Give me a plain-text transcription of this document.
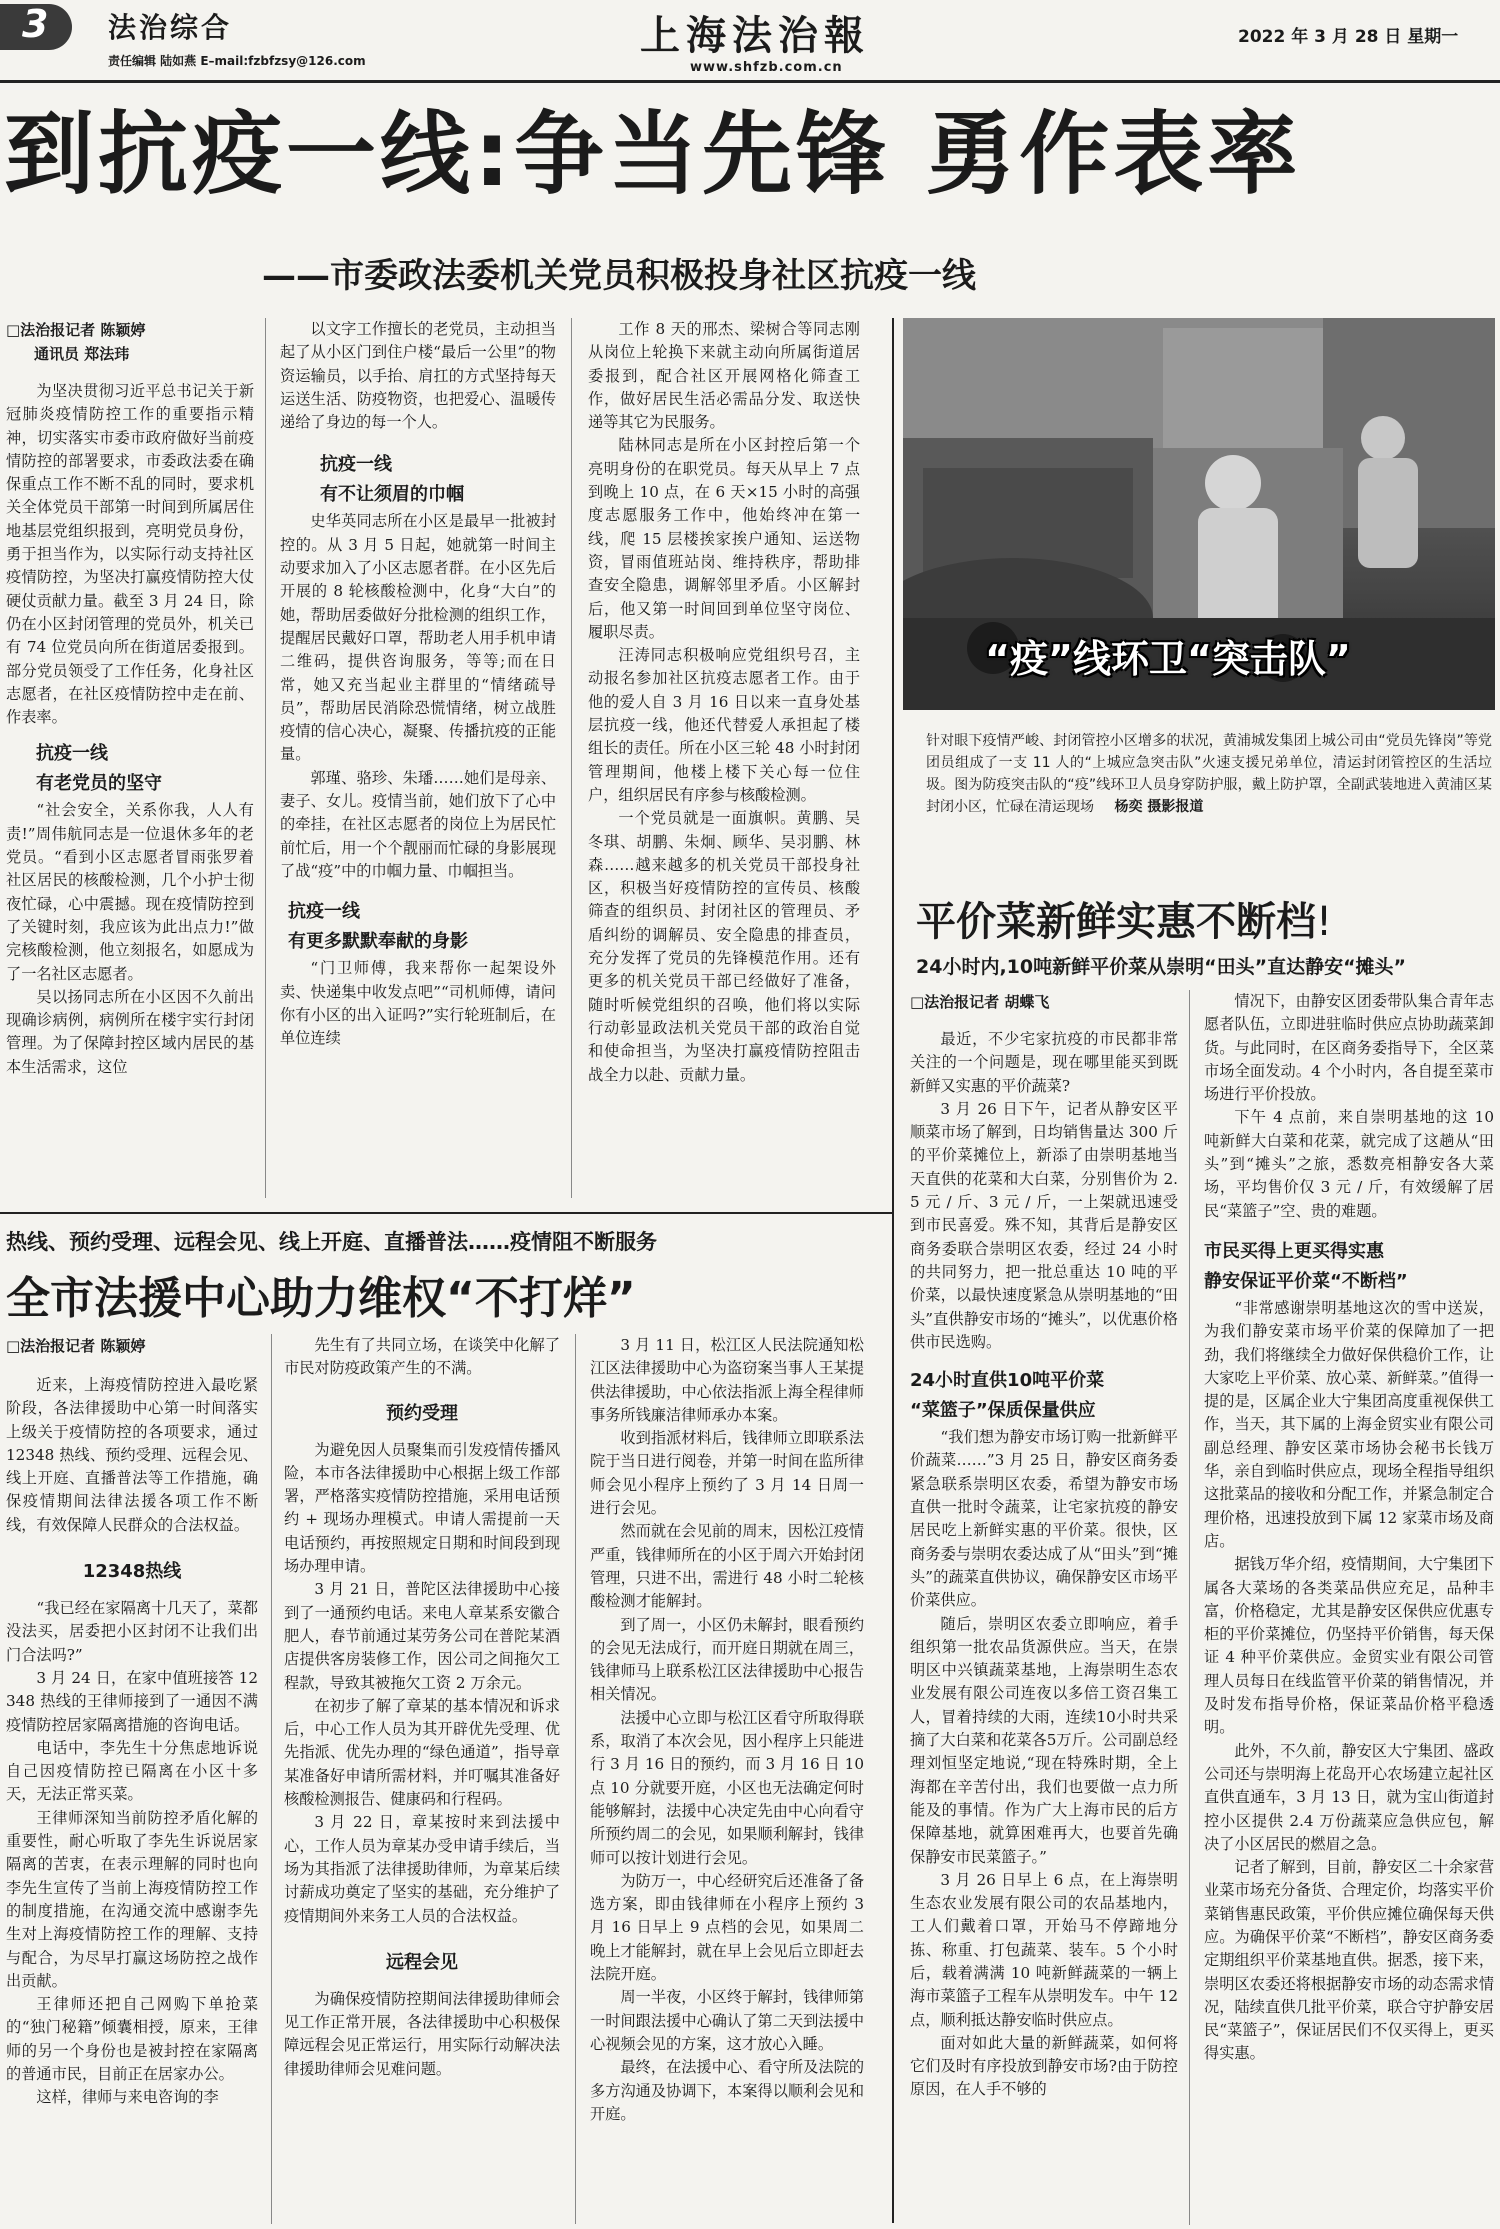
3 法治综合
责任编辑 陆如燕 E–mail:fzbfzsy@126.com
上海法治報
www.shfzb.com.cn
2022 年 3 月 28 日 星期一
到抗疫一线:争当先锋 勇作表率
——市委政法委机关党员积极投身社区抗疫一线
□法治报记者 陈颖婷
通讯员 郑法玮

为坚决贯彻习近平总书记关于新冠肺炎疫情防控工作的重要指示精神，切实落实市委市政府做好当前疫情防控的部署要求，市委政法委在确保重点工作不断不乱的同时，要求机关全体党员干部第一时间到所属居住地基层党组织报到，亮明党员身份，勇于担当作为，以实际行动支持社区疫情防控，为坚决打赢疫情防控大仗硬仗贡献力量。截至 3 月 24 日，除仍在小区封闭管理的党员外，机关已有 74 位党员向所在街道居委报到。部分党员领受了工作任务，化身社区志愿者，在社区疫情防控中走在前、作表率。

抗疫一线
有老党员的坚守

“社会安全，关系你我，人人有责!”周伟航同志是一位退休多年的老党员。“看到小区志愿者冒雨张罗着社区居民的核酸检测，几个小护士彻夜忙碌，心中震撼。现在疫情防控到了关键时刻，我应该为此出点力!”做完核酸检测，他立刻报名，如愿成为了一名社区志愿者。

吴以扬同志所在小区因不久前出现确诊病例，病例所在楼宇实行封闭管理。为了保障封控区域内居民的基本生活需求，这位

以文字工作擅长的老党员，主动担当起了从小区门到住户楼“最后一公里”的物资运输员，以手抬、肩扛的方式坚持每天运送生活、防疫物资，也把爱心、温暖传递给了身边的每一个人。

抗疫一线
有不让须眉的巾帼

史华英同志所在小区是最早一批被封控的。从 3 月 5 日起，她就第一时间主动要求加入了小区志愿者群。在小区先后开展的 8 轮核酸检测中，化身“大白”的她，帮助居委做好分批检测的组织工作，提醒居民戴好口罩，帮助老人用手机申请二维码，提供咨询服务，等等;而在日常，她又充当起业主群里的“情绪疏导员”，帮助居民消除恐慌情绪，树立战胜疫情的信心决心，凝聚、传播抗疫的正能量。

郭瑾、骆珍、朱璠……她们是母亲、妻子、女儿。疫情当前，她们放下了心中的牵挂，在社区志愿者的岗位上为居民忙前忙后，用一个个靓丽而忙碌的身影展现了战“疫”中的巾帼力量、巾帼担当。

抗疫一线
有更多默默奉献的身影

“门卫师傅，我来帮你一起架设外卖、快递集中收发点吧”“司机师傅，请问你有小区的出入证吗?”实行轮班制后，在单位连续

工作 8 天的邢杰、梁树合等同志刚从岗位上轮换下来就主动向所属街道居委报到，配合社区开展网格化筛查工作，做好居民生活必需品分发、取送快递等其它为民服务。

陆林同志是所在小区封控后第一个亮明身份的在职党员。每天从早上 7 点到晚上 10 点，在 6 天×15 小时的高强度志愿服务工作中，他始终冲在第一线，爬 15 层楼挨家挨户通知、运送物资，冒雨值班站岗、维持秩序，帮助排查安全隐患，调解邻里矛盾。小区解封后，他又第一时间回到单位坚守岗位、履职尽责。

汪涛同志积极响应党组织号召，主动报名参加社区抗疫志愿者工作。由于他的爱人自 3 月 16 日以来一直身处基层抗疫一线，他还代替爱人承担起了楼组长的责任。所在小区三轮 48 小时封闭管理期间，他楼上楼下关心每一位住户，组织居民有序参与核酸检测。

一个党员就是一面旗帜。黄鹏、吴冬琪、胡鹏、朱炯、顾华、吴羽鹏、林森……越来越多的机关党员干部投身社区，积极当好疫情防控的宣传员、核酸筛查的组织员、封闭社区的管理员、矛盾纠纷的调解员、安全隐患的排查员，充分发挥了党员的先锋模范作用。还有更多的机关党员干部已经做好了准备，随时听候党组织的召唤，他们将以实际行动彰显政法机关党员干部的政治自觉和使命担当，为坚决打赢疫情防控阻击战全力以赴、贡献力量。

“疫”线环卫“突击队”
针对眼下疫情严峻、封闭管控小区增多的状况，黄浦城发集团上城公司由“党员先锋岗”等党团员组成了一支 11 人的“上城应急突击队”火速支援兄弟单位，清运封闭管控区的生活垃圾。图为防疫突击队的“疫”线环卫人员身穿防护服，戴上防护罩，全副武装地进入黄浦区某封闭小区，忙碌在清运现场 杨奕 摄影报道
平价菜新鲜实惠不断档!
24小时内,10吨新鲜平价菜从崇明“田头”直达静安“摊头”
□法治报记者 胡蝶飞

最近，不少宅家抗疫的市民都非常关注的一个问题是，现在哪里能买到既新鲜又实惠的平价蔬菜?

3 月 26 日下午，记者从静安区平顺菜市场了解到，日均销售量达 300 斤的平价菜摊位上，新添了由崇明基地当天直供的花菜和大白菜，分别售价为 2.5 元 / 斤、3 元 / 斤，一上架就迅速受到市民喜爱。殊不知，其背后是静安区商务委联合崇明区农委，经过 24 小时的共同努力，把一批总重达 10 吨的平价菜，以最快速度紧急从崇明基地的“田头”直供静安市场的“摊头”，以优惠价格供市民选购。

24小时直供10吨平价菜
“菜篮子”保质保量供应

“我们想为静安市场订购一批新鲜平价蔬菜……”3 月 25 日，静安区商务委紧急联系崇明区农委，希望为静安市场直供一批时令蔬菜，让宅家抗疫的静安居民吃上新鲜实惠的平价菜。很快，区商务委与崇明农委达成了从“田头”到“摊头”的蔬菜直供协议，确保静安区市场平价菜供应。

随后，崇明区农委立即响应，着手组织第一批农品货源供应。当天，在崇明区中兴镇蔬菜基地，上海崇明生态农业发展有限公司连夜以多倍工资召集工人，冒着持续的大雨，连续10小时共采摘了大白菜和花菜各5万斤。公司副总经理刘恒坚定地说,“现在特殊时期，全上海都在辛苦付出，我们也要做一点力所能及的事情。作为广大上海市民的后方保障基地，就算困难再大，也要首先确保静安市民菜篮子。”

3 月 26 日早上 6 点，在上海崇明生态农业发展有限公司的农品基地内，工人们戴着口罩，开始马不停蹄地分拣、称重、打包蔬菜、装车。5 个小时后，载着满满 10 吨新鲜蔬菜的一辆上海市菜篮子工程车从崇明发车。中午 12 点，顺利抵达静安临时供应点。

面对如此大量的新鲜蔬菜，如何将它们及时有序投放到静安市场?由于防控原因，在人手不够的

情况下，由静安区团委带队集合青年志愿者队伍，立即进驻临时供应点协助蔬菜卸货。与此同时，在区商务委指导下，全区菜市场全面发动。4 个小时内，各自提至菜市场进行平价投放。

下午 4 点前，来自崇明基地的这 10 吨新鲜大白菜和花菜，就完成了这趟从“田头”到“摊头”之旅，悉数亮相静安各大菜场，平均售价仅 3 元 / 斤，有效缓解了居民“菜篮子”空、贵的难题。

市民买得上更买得实惠
静安保证平价菜“不断档”

“非常感谢崇明基地这次的雪中送炭，为我们静安菜市场平价菜的保障加了一把劲，我们将继续全力做好保供稳价工作，让大家吃上平价菜、放心菜、新鲜菜。”值得一提的是，区属企业大宁集团高度重视保供工作，当天，其下属的上海金贸实业有限公司副总经理、静安区菜市场协会秘书长钱万华，亲自到临时供应点，现场全程指导组织这批菜品的接收和分配工作，并紧急制定合理价格，迅速投放到下属 12 家菜市场及商店。

据钱万华介绍，疫情期间，大宁集团下属各大菜场的各类菜品供应充足，品种丰富，价格稳定，尤其是静安区保供应优惠专柜的平价菜摊位，仍坚持平价销售，每天保证 4 种平价菜供应。金贸实业有限公司管理人员每日在线监管平价菜的销售情况，并及时发布指导价格，保证菜品价格平稳透明。

此外，不久前，静安区大宁集团、盛政公司还与崇明海上花岛开心农场建立起社区直供直通车，3 月 13 日，就为宝山街道封控小区提供 2.4 万份蔬菜应急供应包，解决了小区居民的燃眉之急。

记者了解到，目前，静安区二十余家营业菜市场充分备货、合理定价，均落实平价菜销售惠民政策，平价供应摊位确保每天供应。为确保平价菜“不断档”，静安区商务委定期组织平价菜基地直供。据悉，接下来，崇明区农委还将根据静安市场的动态需求情况，陆续直供几批平价菜，联合守护静安居民“菜篮子”，保证居民们不仅买得上，更买得实惠。

热线、预约受理、远程会见、线上开庭、直播普法……疫情阻不断服务
全市法援中心助力维权“不打烊”
□法治报记者 陈颖婷

近来，上海疫情防控进入最吃紧阶段，各法律援助中心第一时间落实上级关于疫情防控的各项要求，通过 12348 热线、预约受理、远程会见、线上开庭、直播普法等工作措施，确保疫情期间法律法援各项工作不断线，有效保障人民群众的合法权益。

12348热线

“我已经在家隔离十几天了，菜都没法买，居委把小区封闭不让我们出门合法吗?”

3 月 24 日，在家中值班接答 12348 热线的王律师接到了一通因不满疫情防控居家隔离措施的咨询电话。

电话中，李先生十分焦虑地诉说自己因疫情防控已隔离在小区十多天，无法正常买菜。

王律师深知当前防控矛盾化解的重要性，耐心听取了李先生诉说居家隔离的苦衷，在表示理解的同时也向李先生宣传了当前上海疫情防控工作的制度措施，在沟通交流中感谢李先生对上海疫情防控工作的理解、支持与配合，为尽早打赢这场防控之战作出贡献。

王律师还把自己网购下单抢菜的“独门秘籍”倾囊相授，原来，王律师的另一个身份也是被封控在家隔离的普通市民，目前正在居家办公。

这样，律师与来电咨询的李

先生有了共同立场，在谈笑中化解了市民对防疫政策产生的不满。

预约受理

为避免因人员聚集而引发疫情传播风险，本市各法律援助中心根据上级工作部署，严格落实疫情防控措施，采用电话预约 + 现场办理模式。申请人需提前一天电话预约，再按照规定日期和时间段到现场办理申请。

3 月 21 日，普陀区法律援助中心接到了一通预约电话。来电人章某系安徽合肥人，春节前通过某劳务公司在普陀某酒店提供客房装修工作，因公司之间拖欠工程款，导致其被拖欠工资 2 万余元。

在初步了解了章某的基本情况和诉求后，中心工作人员为其开辟优先受理、优先指派、优先办理的“绿色通道”，指导章某准备好申请所需材料，并叮嘱其准备好核酸检测报告、健康码和行程码。

3 月 22 日，章某按时来到法援中心，工作人员为章某办受申请手续后，当场为其指派了法律援助律师，为章某后续讨薪成功奠定了坚实的基础，充分维护了疫情期间外来务工人员的合法权益。

远程会见

为确保疫情防控期间法律援助律师会见工作正常开展，各法律援助中心积极保障远程会见正常运行，用实际行动解决法律援助律师会见难问题。

3 月 11 日，松江区人民法院通知松江区法律援助中心为盗窃案当事人王某提供法律援助，中心依法指派上海全程律师事务所钱廉洁律师承办本案。

收到指派材料后，钱律师立即联系法院于当日进行阅卷，并第一时间在监所律师会见小程序上预约了 3 月 14 日周一进行会见。

然而就在会见前的周末，因松江疫情严重，钱律师所在的小区于周六开始封闭管理，只进不出，需进行 48 小时二轮核酸检测才能解封。

到了周一，小区仍未解封，眼看预约的会见无法成行，而开庭日期就在周三，钱律师马上联系松江区法律援助中心报告相关情况。

法援中心立即与松江区看守所取得联系，取消了本次会见，因小程序上只能进行 3 月 16 日的预约，而 3 月 16 日 10 点 10 分就要开庭，小区也无法确定何时能够解封，法援中心决定先由中心向看守所预约周二的会见，如果顺利解封，钱律师可以按计划进行会见。

为防万一，中心经研究后还准备了备选方案，即由钱律师在小程序上预约 3 月 16 日早上 9 点档的会见，如果周二晚上才能解封，就在早上会见后立即赶去法院开庭。

周一半夜，小区终于解封，钱律师第一时间跟法援中心确认了第二天到法援中心视频会见的方案，这才放心入睡。

最终，在法援中心、看守所及法院的多方沟通及协调下，本案得以顺利会见和开庭。
